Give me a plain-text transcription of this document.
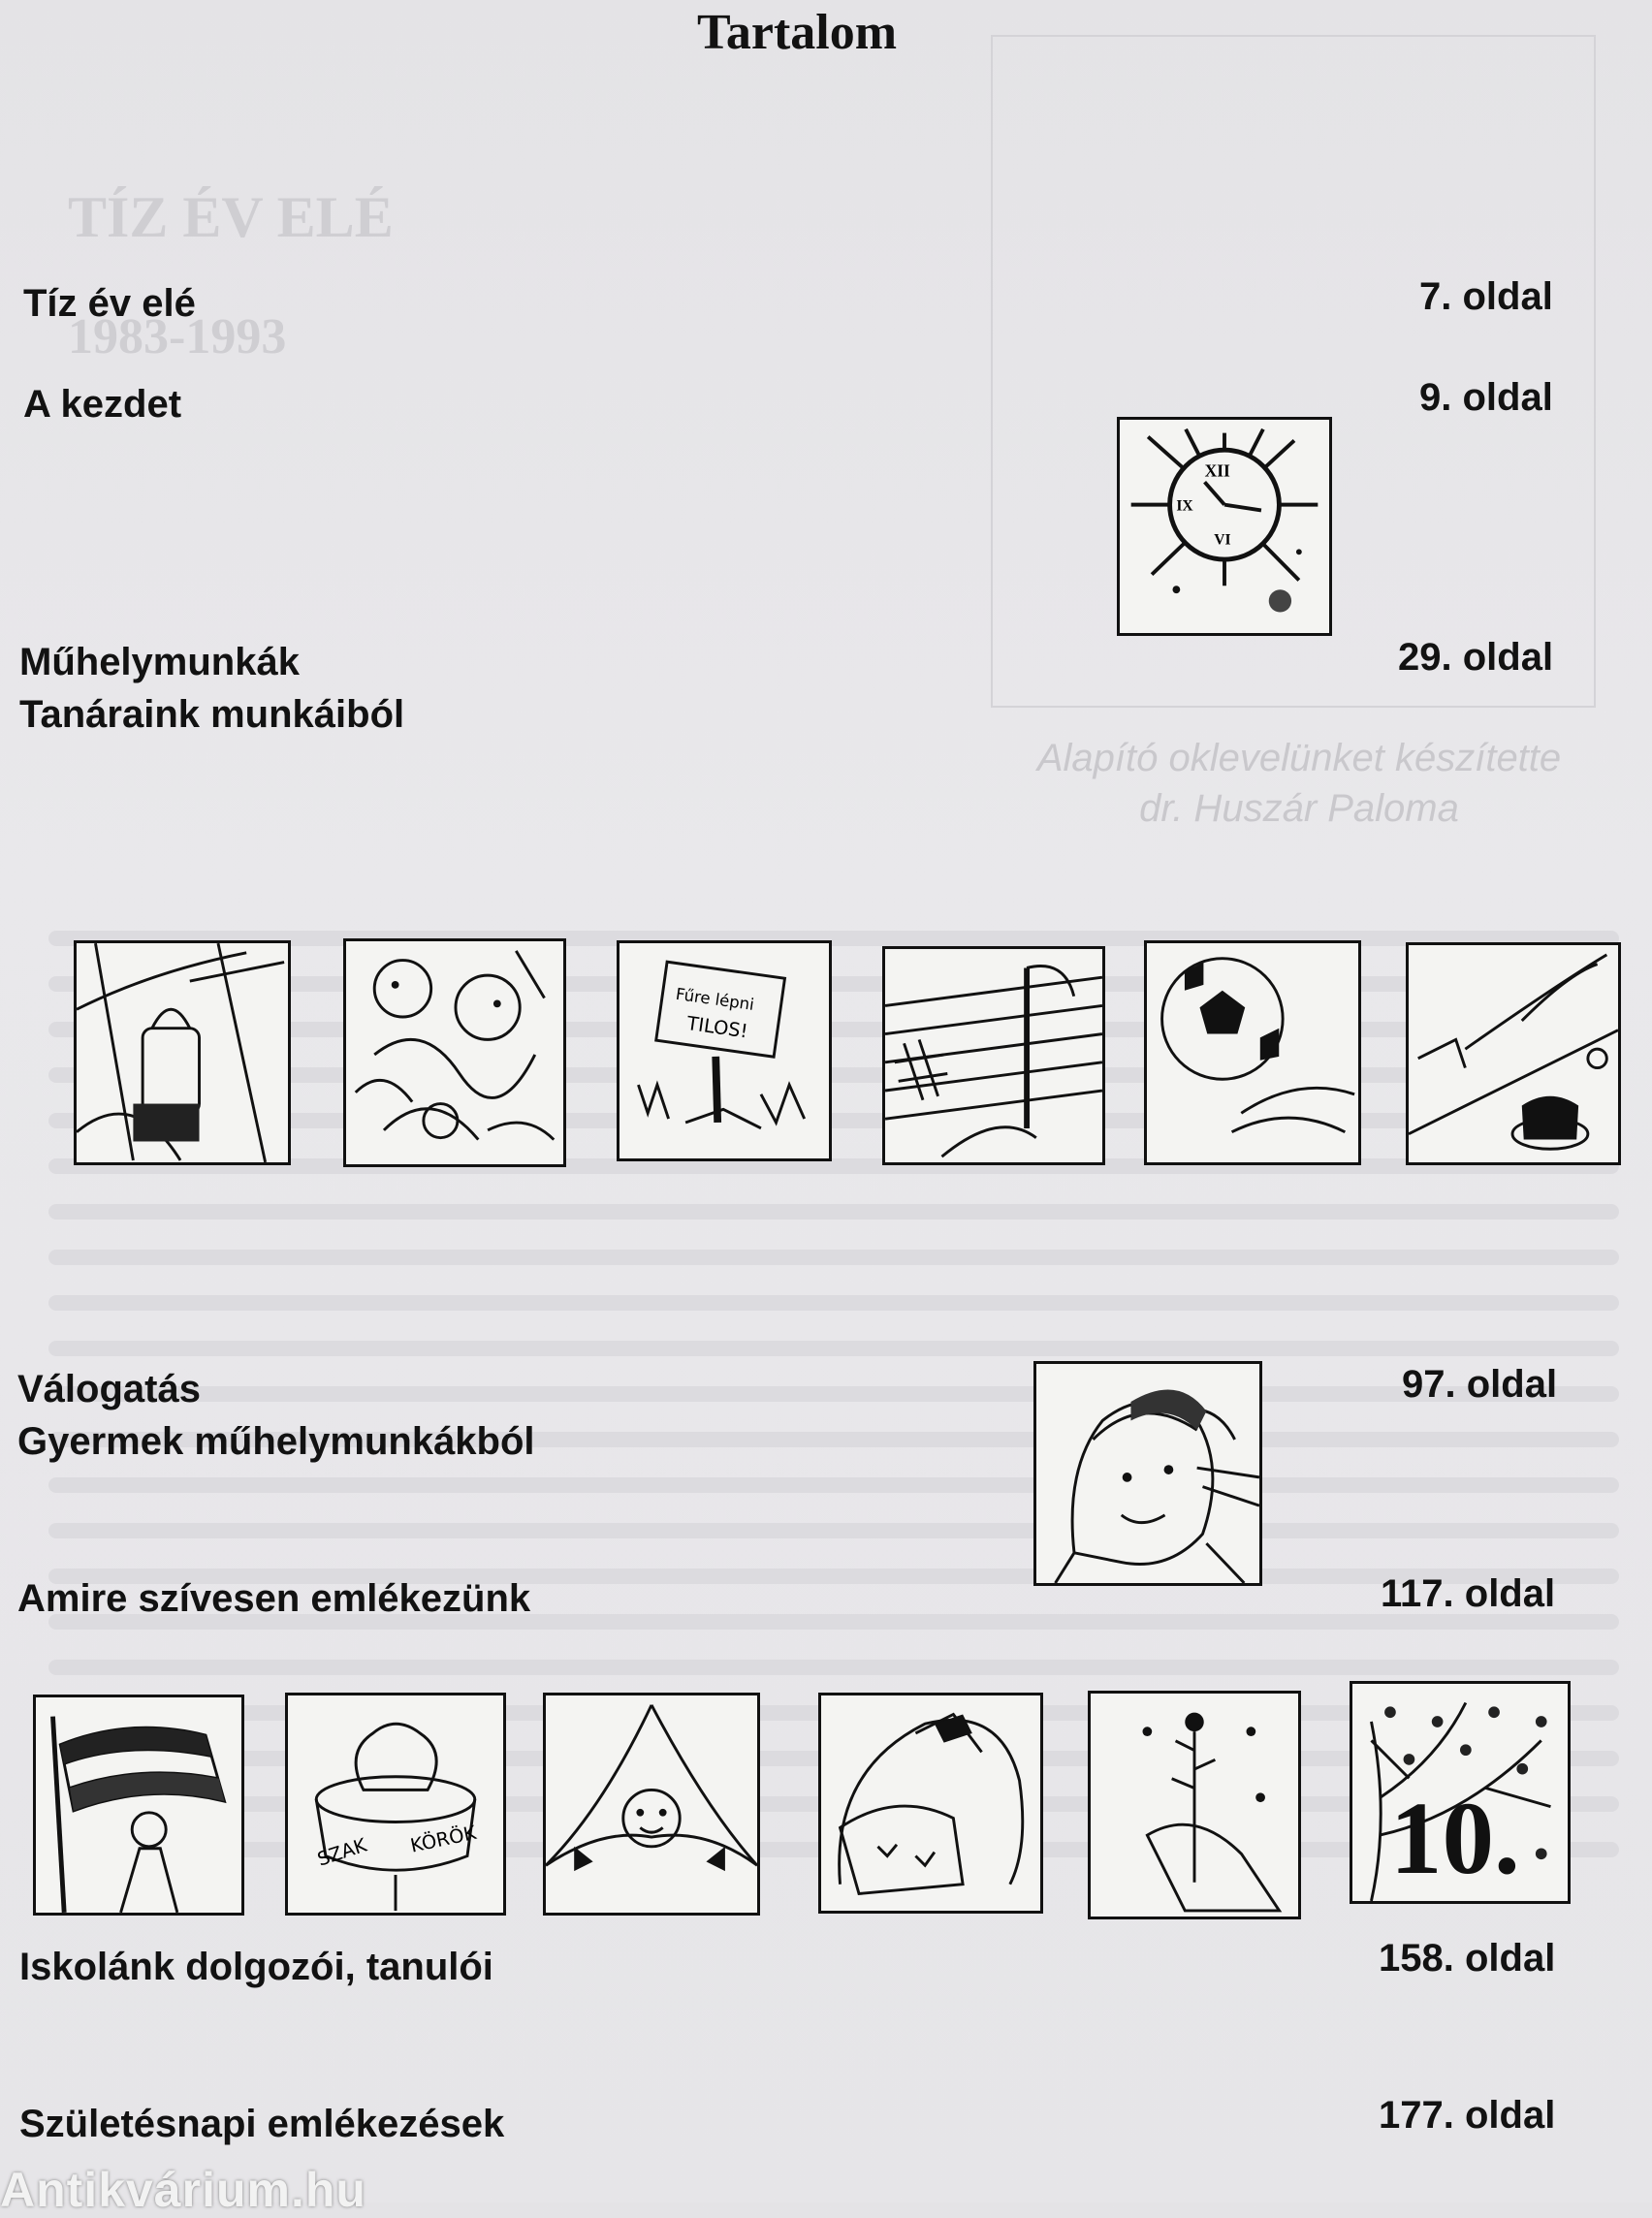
TÍZ ÉV ELÉ
1983-1993
Alapító oklevelünket készítette
dr. Huszár Paloma
Tartalom
Tíz év elé	7. oldal
A kezdet	9. oldal
Műhelymunkák
Tanáraink munkáiból
29. oldal
Válogatás
Gyermek műhelymunkákból
97. oldal
Amire szívesen emlékezünk	117. oldal
Iskolánk dolgozói, tanulói	158. oldal
Születésnapi emlékezések	177. oldal
XII
IX
VI
Fűre lépni
TILOS!
SZAK KÖRÖK	10.
Antikvárium.hu
